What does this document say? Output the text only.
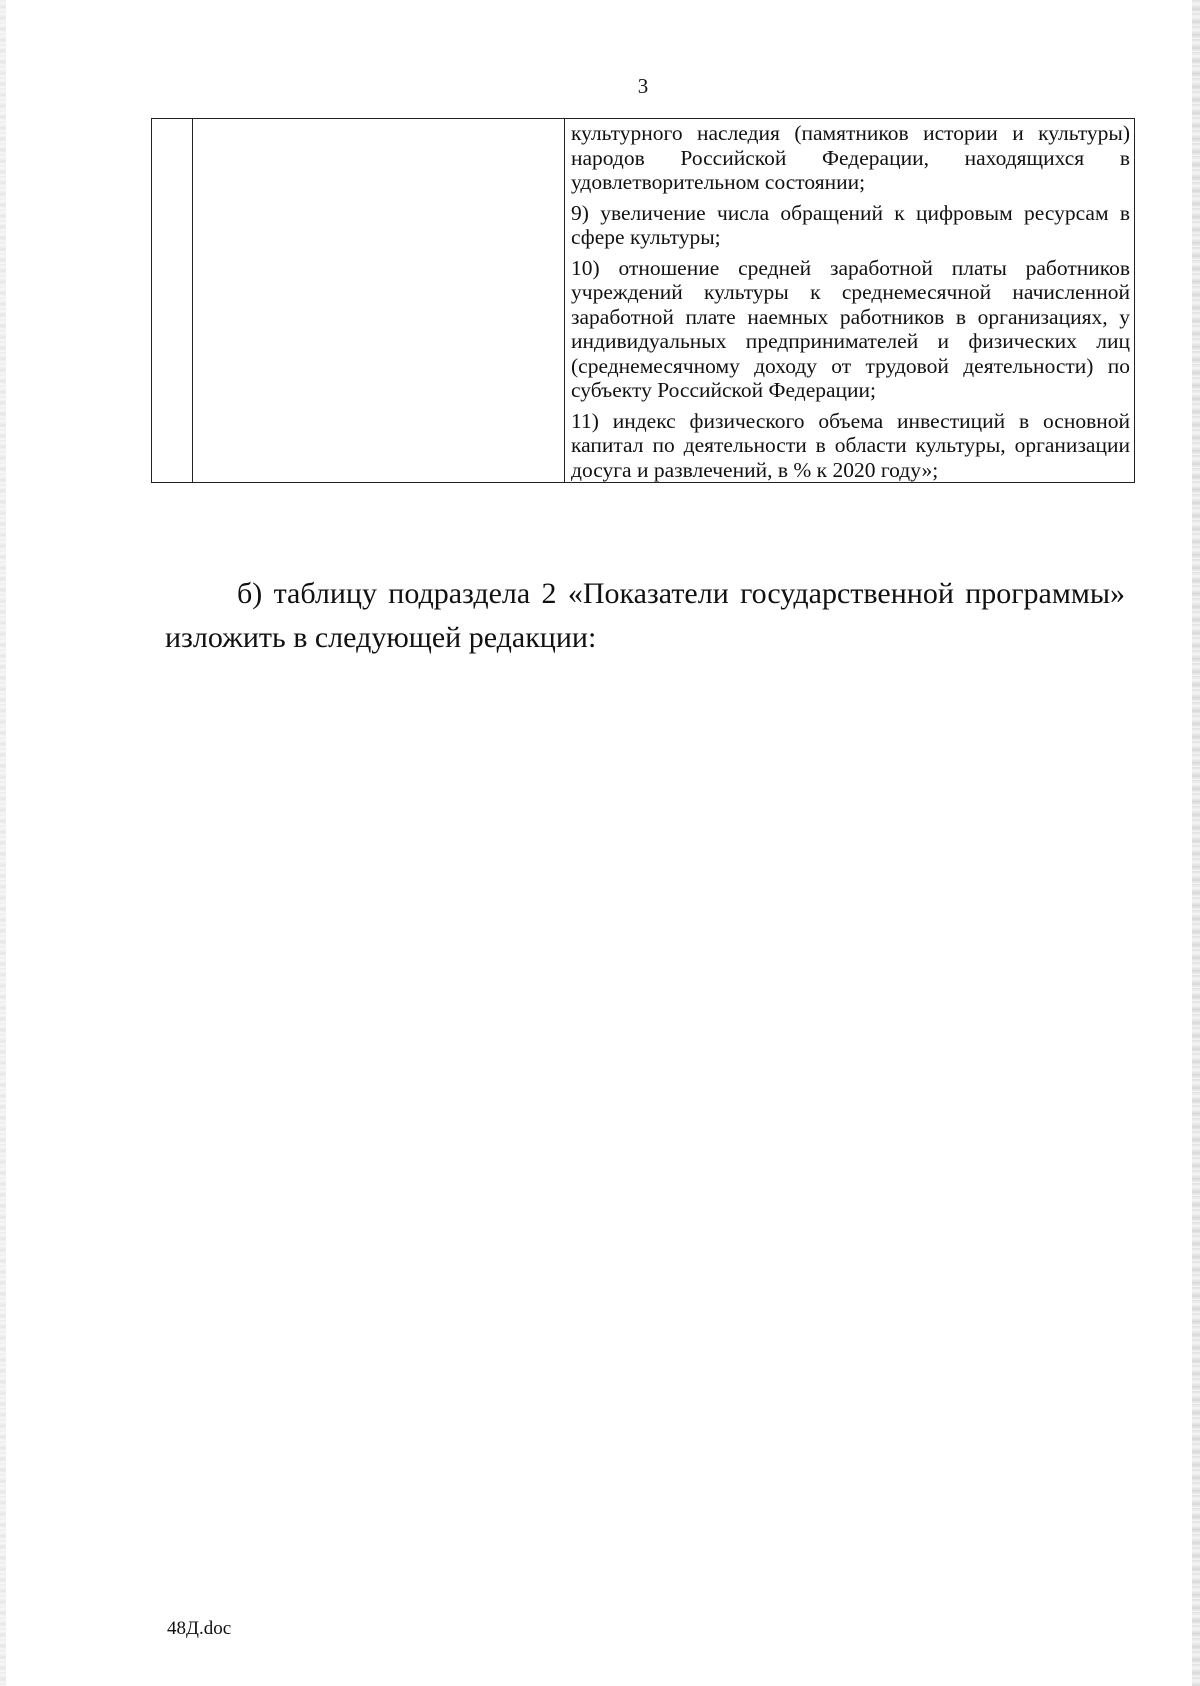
3

культурного наследия (памятников истории и культуры) народов Российской Федерации, находящихся в удовлетворительном состоянии;

9) увеличение числа обращений к цифровым ресурсам в сфере культуры;

10) отношение средней заработной платы работников учреждений культуры к среднемесячной начисленной заработной плате наемных работников в организациях, у индивидуальных предпринимателей и физических лиц (среднемесячному доходу от трудовой деятельности) по субъекту Российской Федерации;

11) индекс физического объема инвестиций в основной капитал по деятельности в области культуры, организации досуга и развлечений, в % к 2020 году»;

б) таблицу подраздела 2 «Показатели государственной программы» изложить в следующей редакции:

48Д.doc
